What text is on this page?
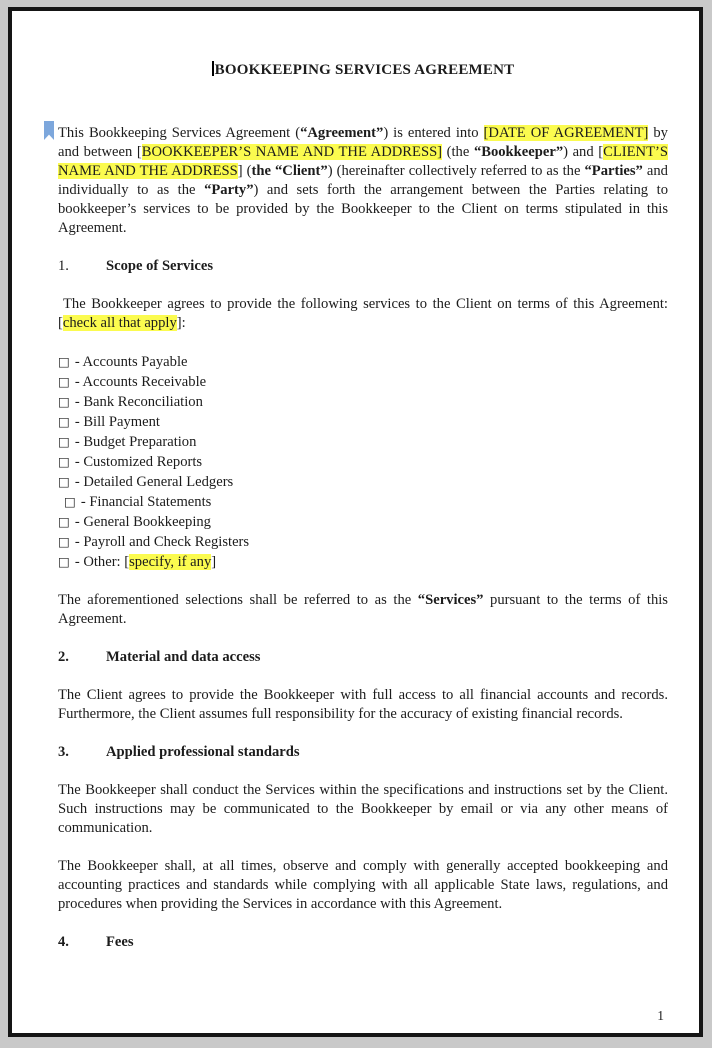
BOOKKEEPING SERVICES AGREEMENT

This Bookkeeping Services Agreement (“Agreement”) is entered into [DATE OF AGREEMENT] by and between [BOOKKEEPER’S NAME AND THE ADDRESS] (the “Bookkeeper”) and [CLIENT’S NAME AND THE ADDRESS] (the “Client”) (hereinafter collectively referred to as the “Parties” and individually to as the “Party”) and sets forth the arrangement between the Parties relating to bookkeeper’s services to be provided by the Bookkeeper to the Client on terms stipulated in this Agreement.

1.	Scope of Services

The Bookkeeper agrees to provide the following services to the Client on terms of this Agreement: [check all that apply]:

□ - Accounts Payable
□ - Accounts Receivable
□ - Bank Reconciliation
□ - Bill Payment
□ - Budget Preparation
□ - Customized Reports
□ - Detailed General Ledgers
□ - Financial Statements
□ - General Bookkeeping
□ - Payroll and Check Registers
□ - Other: [specify, if any]

The aforementioned selections shall be referred to as the “Services” pursuant to the terms of this Agreement.

2.	Material and data access

The Client agrees to provide the Bookkeeper with full access to all financial accounts and records. Furthermore, the Client assumes full responsibility for the accuracy of existing financial records.

3.	Applied professional standards

The Bookkeeper shall conduct the Services within the specifications and instructions set by the Client. Such instructions may be communicated to the Bookkeeper by email or via any other means of communication.

The Bookkeeper shall, at all times, observe and comply with generally accepted bookkeeping and accounting practices and standards while complying with all applicable State laws, regulations, and procedures when providing the Services in accordance with this Agreement.

4.	Fees
1
